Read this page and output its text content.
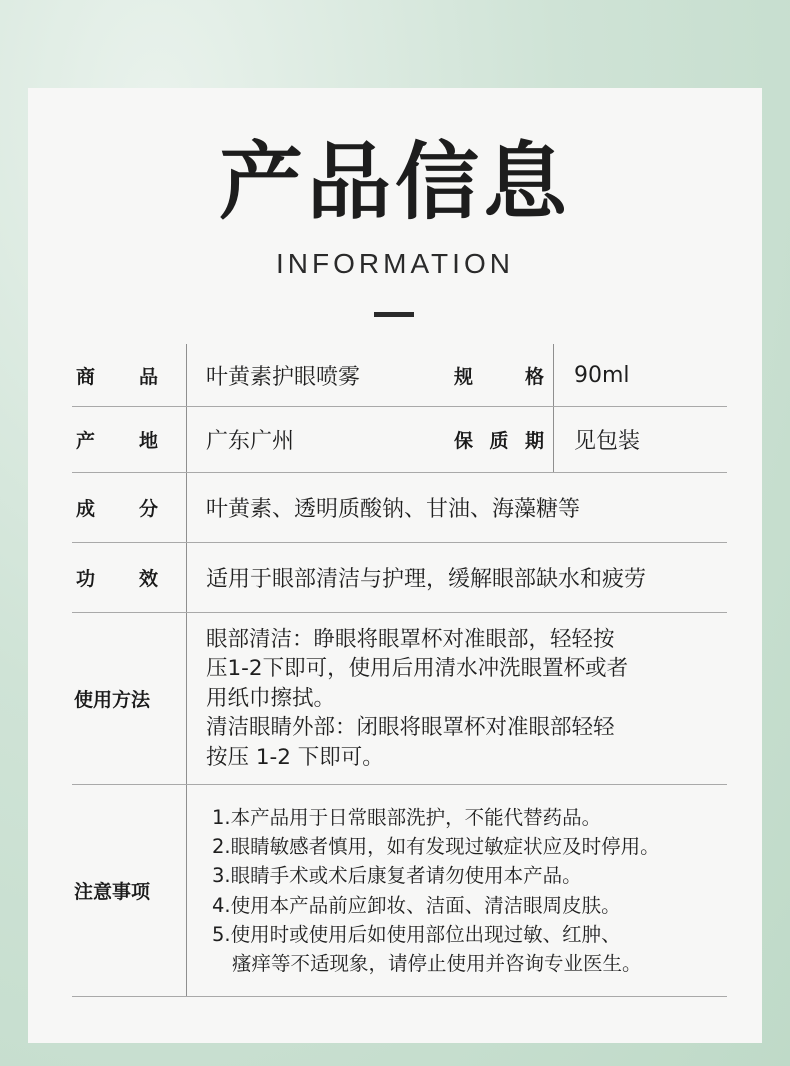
产品信息
INFORMATION
商 品 叶黄素护眼喷雾	规	格 90ml
产 地 广东广州	保 质 期 见包装
成 分 叶黄素、透明质酸钠、甘油、海藻糖等
功 效 适用于眼部清洁与护理，缓解眼部缺水和疲劳
使用方法
眼部清洁：睁眼将眼罩杯对准眼部，轻轻按
压1-2下即可，使用后用清水冲洗眼置杯或者
用纸巾擦拭。
清洁眼睛外部：闭眼将眼罩杯对准眼部轻轻
按压 1-2 下即可。
注意事项
1.本产品用于日常眼部洗护，不能代替药品。
2.眼睛敏感者慎用，如有发现过敏症状应及时停用。
3.眼睛手术或术后康复者请勿使用本产品。
4.使用本产品前应卸妆、洁面、清洁眼周皮肤。
5.使用时或使用后如使用部位出现过敏、红肿、
瘙痒等不适现象，请停止使用并咨询专业医生。
